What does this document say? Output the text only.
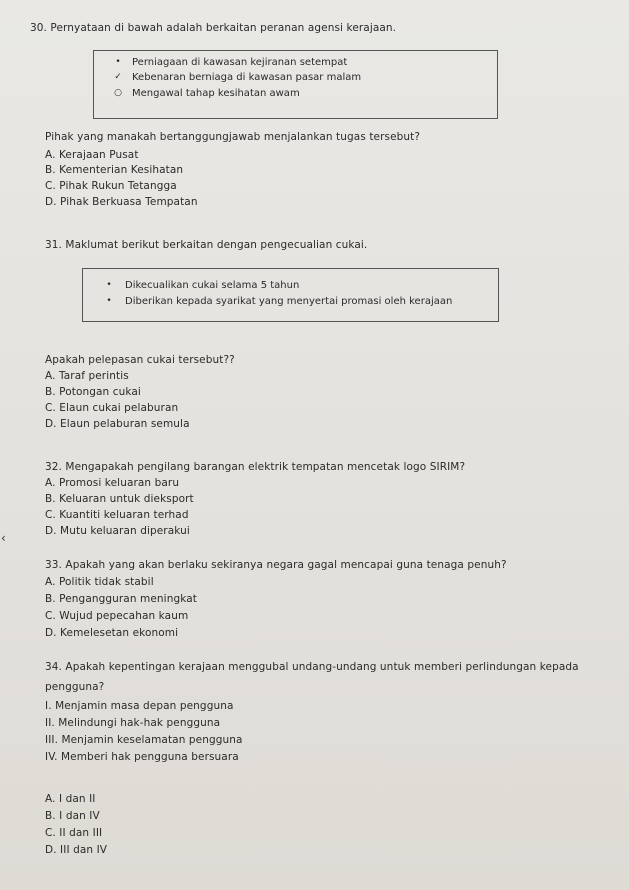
30. Pernyataan di bawah adalah berkaitan peranan agensi kerajaan.
• Perniagaan di kawasan kejiranan setempat
✓ Kebenaran berniaga di kawasan pasar malam
○ Mengawal tahap kesihatan awam
Pihak yang manakah bertanggungjawab menjalankan tugas tersebut?
A. Kerajaan Pusat
B. Kementerian Kesihatan
C. Pihak Rukun Tetangga
D. Pihak Berkuasa Tempatan
31. Maklumat berikut berkaitan dengan pengecualian cukai.
• Dikecualikan cukai selama 5 tahun
• Diberikan kepada syarikat yang menyertai promasi oleh kerajaan
Apakah pelepasan cukai tersebut??
A. Taraf perintis
B. Potongan cukai
C. Elaun cukai pelaburan
D. Elaun pelaburan semula
32. Mengapakah pengilang barangan elektrik tempatan mencetak logo SIRIM?
A. Promosi keluaran baru
B. Keluaran untuk dieksport
C. Kuantiti keluaran terhad
D. Mutu keluaran diperakui
‹
33. Apakah yang akan berlaku sekiranya negara gagal mencapai guna tenaga penuh?
A. Politik tidak stabil
B. Pengangguran meningkat
C. Wujud pepecahan kaum
D. Kemelesetan ekonomi
34. Apakah kepentingan kerajaan menggubal undang-undang untuk memberi perlindungan kepada
pengguna?
I. Menjamin masa depan pengguna
II. Melindungi hak-hak pengguna
III. Menjamin keselamatan pengguna
IV. Memberi hak pengguna bersuara
A. I dan II
B. I dan IV
C. II dan III
D. III dan IV
